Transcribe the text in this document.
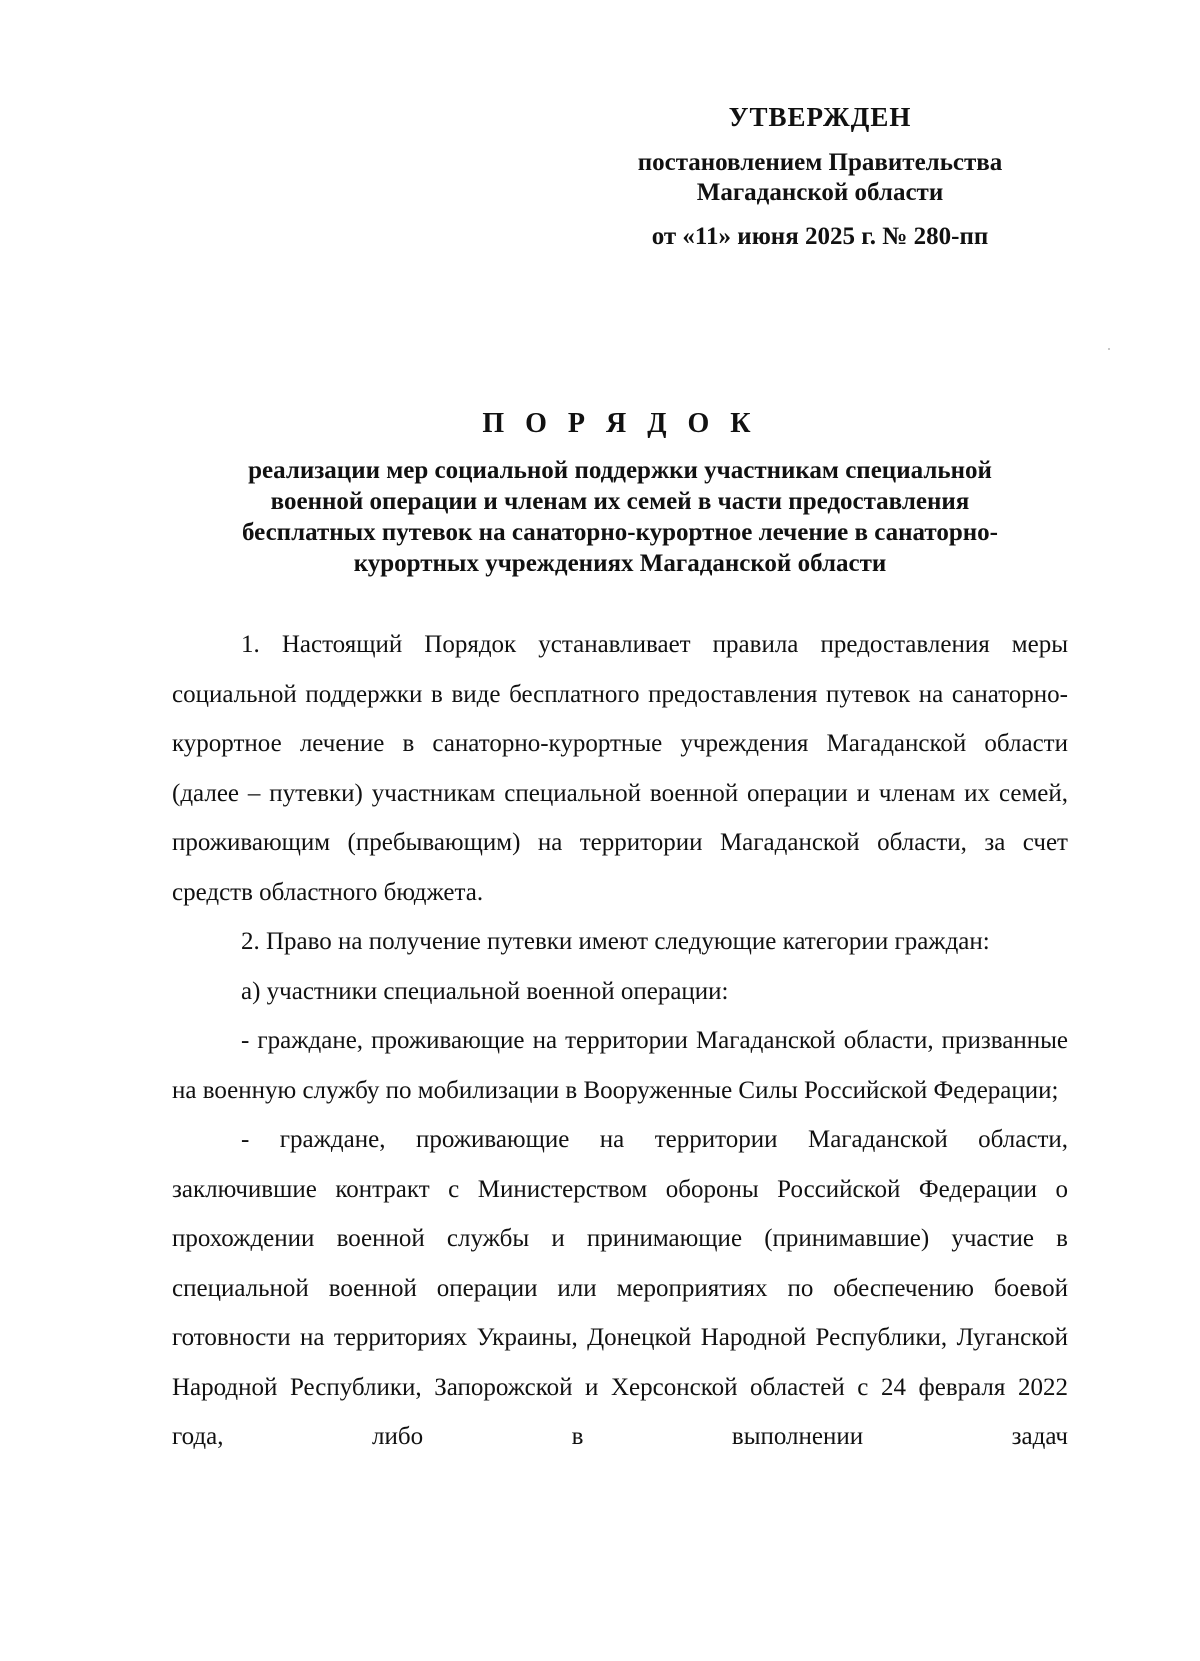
УТВЕРЖДЕН
постановлением Правительства
Магаданской области
от «11» июня 2025 г. № 280-пп
П О Р Я Д О К
реализации мер социальной поддержки участникам специальной
военной операции и членам их семей в части предоставления
бесплатных путевок на санаторно-курортное лечение в санаторно-
курортных учреждениях Магаданской области

1. Настоящий Порядок устанавливает правила предоставления меры социальной поддержки в виде бесплатного предоставления путевок на санаторно-курортное лечение в санаторно-курортные учреждения Магаданской области (далее – путевки) участникам специальной военной операции и членам их семей, проживающим (пребывающим) на территории Магаданской области, за счет средств областного бюджета.

2. Право на получение путевки имеют следующие категории граждан:

а) участники специальной военной операции:

- граждане, проживающие на территории Магаданской области, призванные на военную службу по мобилизации в Вооруженные Силы Российской Федерации;

- граждане, проживающие на территории Магаданской области, заключившие контракт с Министерством обороны Российской Федерации о прохождении военной службы и принимающие (принимавшие) участие в специальной военной операции или мероприятиях по обеспечению боевой готовности на территориях Украины, Донецкой Народной Республики, Луганской Народной Республики, Запорожской и Херсонской областей с 24 февраля 2022 года, либо в выполнении задач
